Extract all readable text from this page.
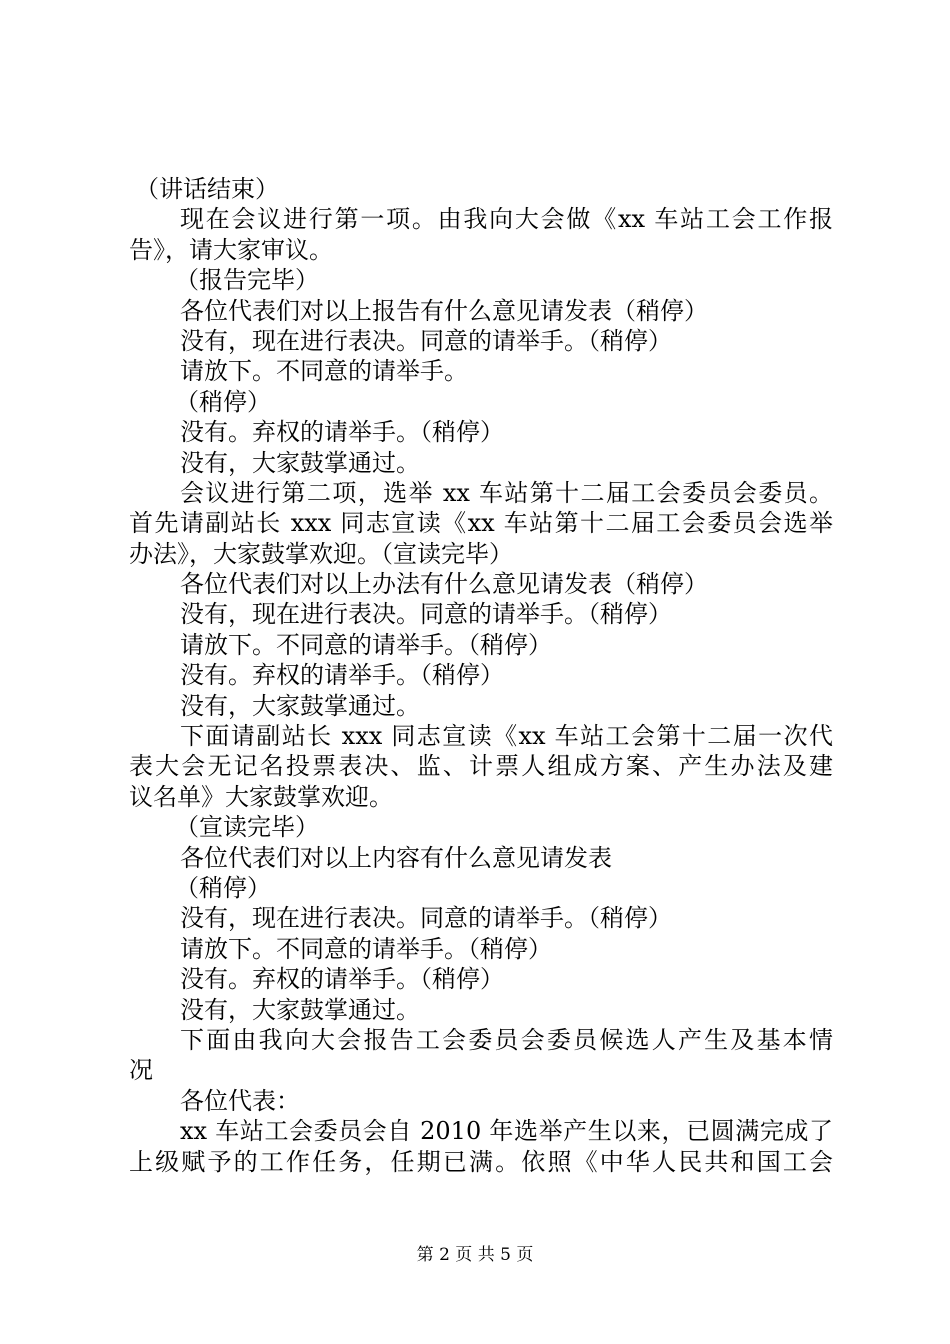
（讲话结束）
现在会议进行第一项。由我向大会做《xx 车站工会工作报
告》，请大家审议。
（报告完毕）
各位代表们对以上报告有什么意见请发表（稍停）
没有，现在进行表决。同意的请举手。（稍停）
请放下。不同意的请举手。
（稍停）
没有。弃权的请举手。（稍停）
没有，大家鼓掌通过。
会议进行第二项，选举 xx 车站第十二届工会委员会委员。
首先请副站长 xxx 同志宣读《xx 车站第十二届工会委员会选举
办法》，大家鼓掌欢迎。（宣读完毕）
各位代表们对以上办法有什么意见请发表（稍停）
没有，现在进行表决。同意的请举手。（稍停）
请放下。不同意的请举手。（稍停）
没有。弃权的请举手。（稍停）
没有，大家鼓掌通过。
下面请副站长 xxx 同志宣读《xx 车站工会第十二届一次代
表大会无记名投票表决、监、计票人组成方案、产生办法及建
议名单》大家鼓掌欢迎。
（宣读完毕）
各位代表们对以上内容有什么意见请发表
（稍停）
没有，现在进行表决。同意的请举手。（稍停）
请放下。不同意的请举手。（稍停）
没有。弃权的请举手。（稍停）
没有，大家鼓掌通过。
下面由我向大会报告工会委员会委员候选人产生及基本情
况
各位代表：
xx 车站工会委员会自 2010 年选举产生以来，已圆满完成了
上级赋予的工作任务，任期已满。依照《中华人民共和国工会
第 2 页 共 5 页
